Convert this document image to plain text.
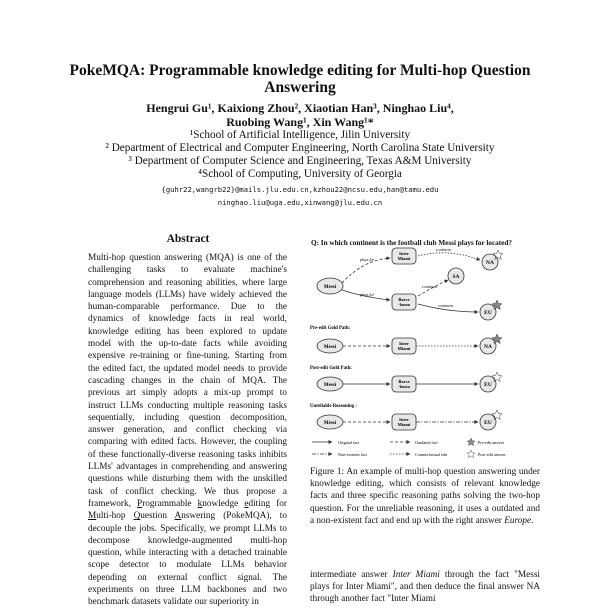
PokeMQA: Programmable knowledge editing for Multi-hop Question
Answering
Hengrui Gu¹, Kaixiong Zhou², Xiaotian Han³, Ninghao Liu⁴,
Ruobing Wang¹, Xin Wang¹*
¹School of Artificial Intelligence, Jilin University
² Department of Electrical and Computer Engineering, North Carolina State University
³ Department of Computer Science and Engineering, Texas A&M University
⁴School of Computing, University of Georgia
{guhr22,wangrb22}@mails.jlu.edu.cn,kzhou22@ncsu.edu,han@tamu.edu
ninghao.liu@uga.edu,xinwang@jlu.edu.cn
Abstract

Multi-hop question answering (MQA) is one of the challenging tasks to evaluate machine's comprehension and reasoning abilities, where large language models (LLMs) have widely achieved the human-comparable performance. Due to the dynamics of knowledge facts in real world, knowledge editing has been explored to update model with the up-to-date facts while avoiding expensive re-training or fine-tuning. Starting from the edited fact, the updated model needs to provide cascading changes in the chain of MQA. The previous art simply adopts a mix-up prompt to instruct LLMs conducting multiple reasoning tasks sequentially, including question decomposition, answer generation, and conflict checking via comparing with edited facts. However, the coupling of these functionally-diverse reasoning tasks inhibits LLMs' advantages in comprehending and answering questions while disturbing them with the unskilled task of conflict checking. We thus propose a framework, Programmable knowledge editing for Multi-hop Question Answering (PokeMQA), to decouple the jobs. Specifically, we prompt LLMs to decompose knowledge-augmented multi-hop question, while interacting with a detached trainable scope detector to modulate LLMs behavior depending on external conflict signal. The experiments on three LLM backbones and two benchmark datasets validate our superiority in

Q: In which continent is the football club Messi plays for located?
Messi
Inter
Miami
Barce
-lonea
NA
SA
EU
plays for
plays for
continent
continent
continent
Pre-edit Gold Path:
Messi
Inter
Miami	NA
Post-edit Gold Path:
Messi
Barce
-lonea	EU
Unreliable Reasoning :
Messi
Inter
Miami	EU
Original fact	Outdated fact	Pre-edit answer
Non-existent fact	Counterfactual edit	Post-edit answer

Figure 1: An example of multi-hop question answering under knowledge editing, which consists of relevant knowledge facts and three specific reasoning paths solving the two-hop question. For the unreliable reasoning, it uses a outdated and a non-existent fact and end up with the right answer Europe.

intermediate answer Inter Miami through the fact "Messi plays for Inter Miami", and then deduce the final answer NA through another fact "Inter Miami
